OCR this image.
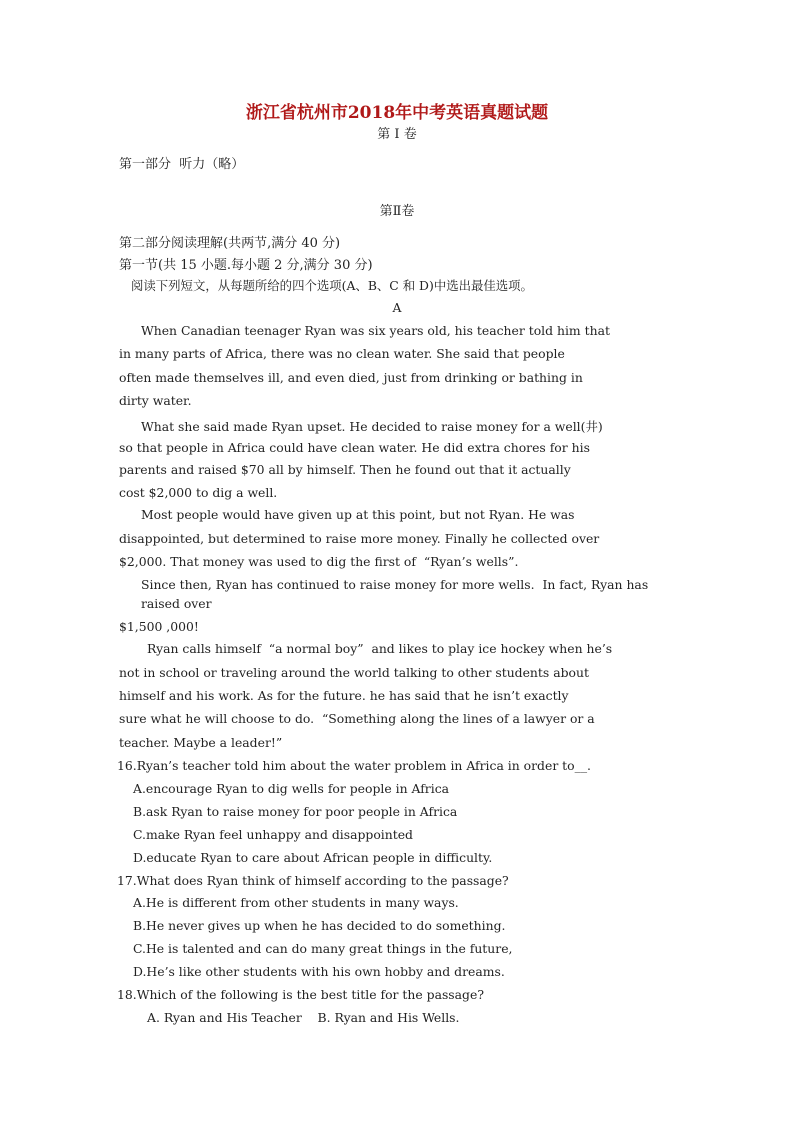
浙江省杭州市2018年中考英语真题试题
第 I 卷
第一部分  听力（略）
第Ⅱ卷
第二部分阅读理解(共两节,满分 40 分)
第一节(共 15 小题.每小题 2 分,满分 30 分)
阅读下列短文，从每题所给的四个选项(A、B、C 和 D)中选出最佳选项。
A
When Canadian teenager Ryan was six years old, his teacher told him that
in many parts of Africa, there was no clean water. She said that people
often made themselves ill, and even died, just from drinking or bathing in
dirty water.
What she said made Ryan upset. He decided to raise money for a well(井)
so that people in Africa could have clean water. He did extra chores for his
parents and raised $70 all by himself. Then he found out that it actually
cost $2,000 to dig a well.
Most people would have given up at this point, but not Ryan. He was
disappointed, but determined to raise more money. Finally he collected over
$2,000. That money was used to dig the first of  “Ryan’s wells”.
Since then, Ryan has continued to raise money for more wells.  In fact, Ryan has
raised over
$1,500 ,000!
Ryan calls himself  “a normal boy”  and likes to play ice hockey when he’s
not in school or traveling around the world talking to other students about
himself and his work. As for the future. he has said that he isn’t exactly
sure what he will choose to do.  “Something along the lines of a lawyer or a
teacher. Maybe a leader!”
16.Ryan’s teacher told him about the water problem in Africa in order to__.
A.encourage Ryan to dig wells for people in Africa
B.ask Ryan to raise money for poor people in Africa
C.make Ryan feel unhappy and disappointed
D.educate Ryan to care about African people in difficulty.
17.What does Ryan think of himself according to the passage?
A.He is different from other students in many ways.
B.He never gives up when he has decided to do something.
C.He is talented and can do many great things in the future,
D.He’s like other students with his own hobby and dreams.
18.Which of the following is the best title for the passage?
A. Ryan and His Teacher    B. Ryan and His Wells.
